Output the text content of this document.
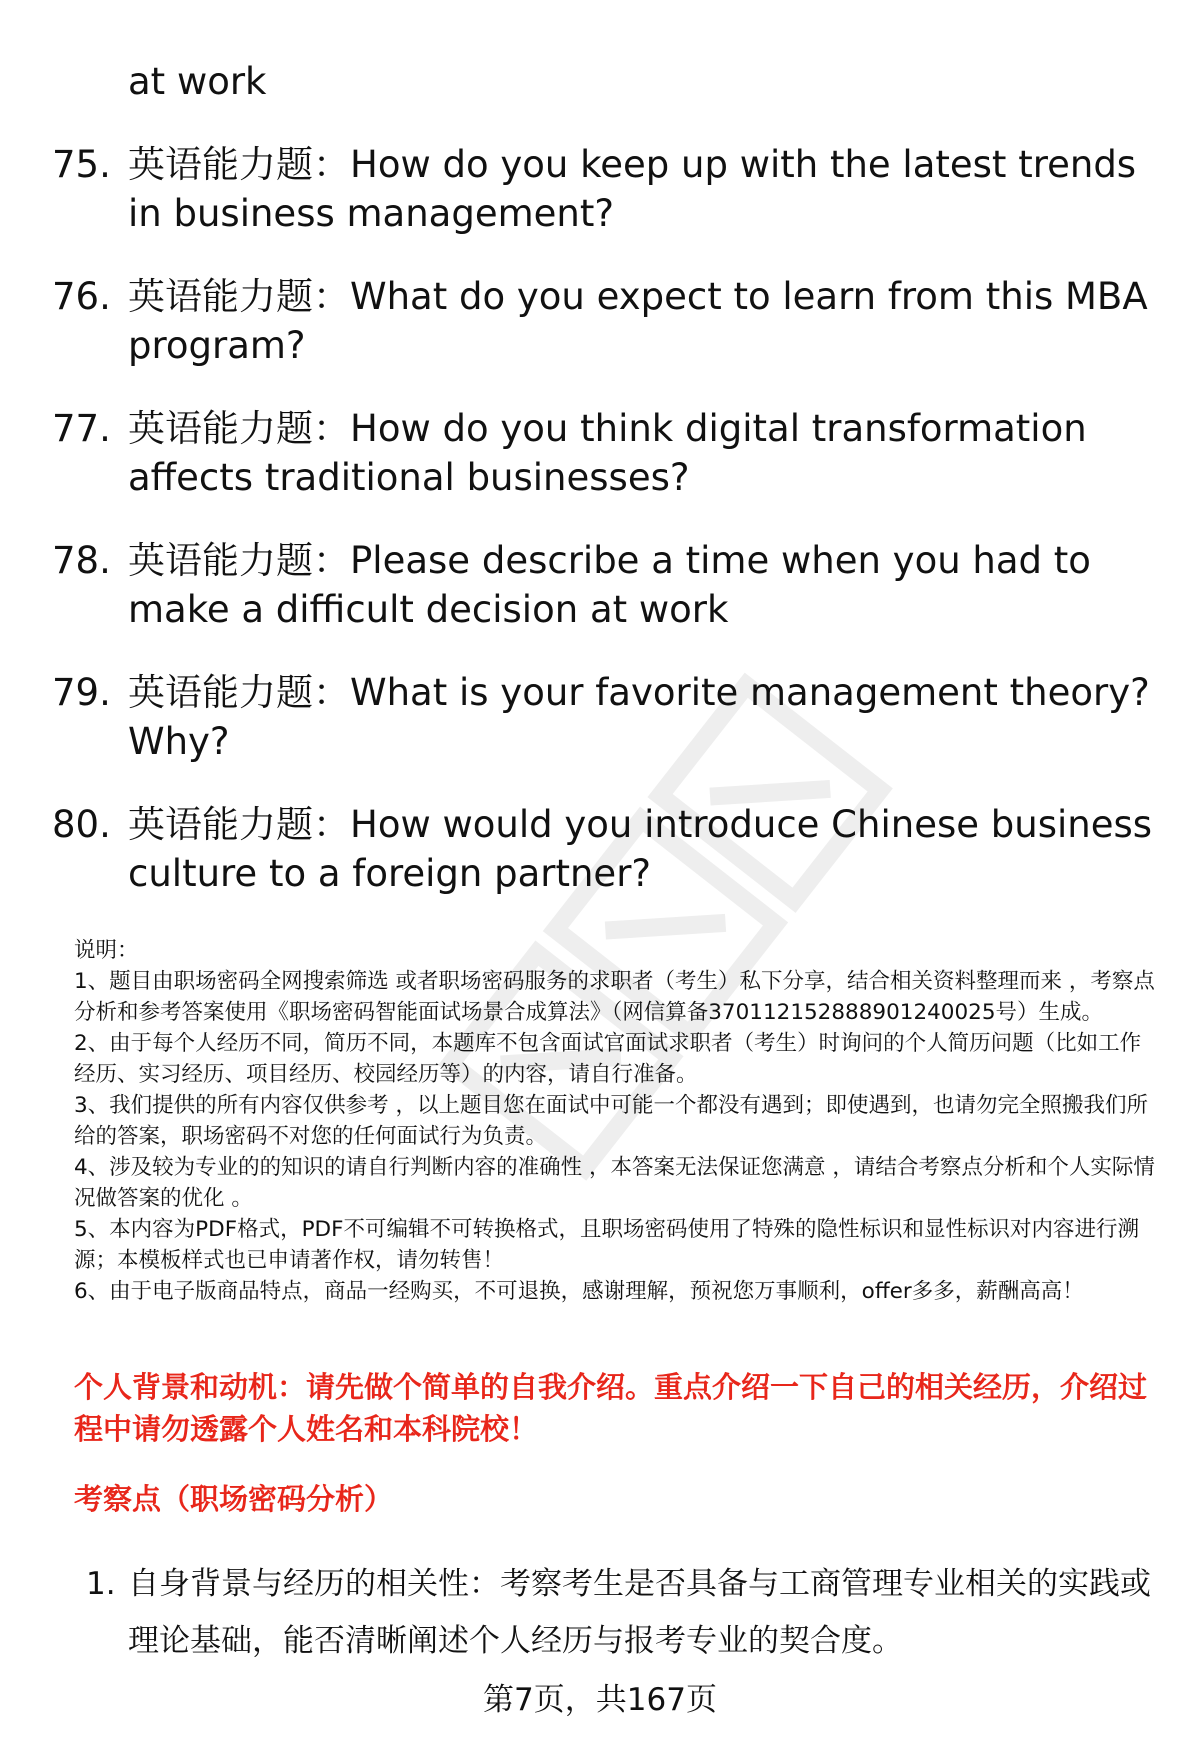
at work
75. 英语能力题：How do you keep up with the latest trends in business management?
76. 英语能力题：What do you expect to learn from this MBA program?
77. 英语能力题：How do you think digital transformation affects traditional businesses?
78. 英语能力题：Please describe a time when you had to make a difficult decision at work
79. 英语能力题：What is your favorite management theory? Why?
80. 英语能力题：How would you introduce Chinese business culture to a foreign partner?

说明：

1、题目由职场密码全网搜索筛选 或者职场密码服务的求职者（考生）私下分享，结合相关资料整理而来 ，考察点分析和参考答案使用《职场密码智能面试场景合成算法》（网信算备370112152888901240025号）生成。

2、由于每个人经历不同，简历不同，本题库不包含面试官面试求职者（考生）时询问的个人简历问题（比如工作经历、实习经历、项目经历、校园经历等）的内容，请自行准备。

3、我们提供的所有内容仅供参考 ，以上题目您在面试中可能一个都没有遇到；即使遇到，也请勿完全照搬我们所给的答案，职场密码不对您的任何面试行为负责。

4、涉及较为专业的的知识的请自行判断内容的准确性 ，本答案无法保证您满意 ，请结合考察点分析和个人实际情况做答案的优化 。

5、本内容为PDF格式，PDF不可编辑不可转换格式，且职场密码使用了特殊的隐性标识和显性标识对内容进行溯源；本模板样式也已申请著作权，请勿转售！

6、由于电子版商品特点，商品一经购买，不可退换，感谢理解，预祝您万事顺利，offer多多，薪酬高高！

个人背景和动机：请先做个简单的自我介绍。重点介绍一下自己的相关经历，介绍过程中请勿透露个人姓名和本科院校！
考察点（职场密码分析）
1. 自身背景与经历的相关性：考察考生是否具备与工商管理专业相关的实践或理论基础，能否清晰阐述个人经历与报考专业的契合度。
第7页，共167页
